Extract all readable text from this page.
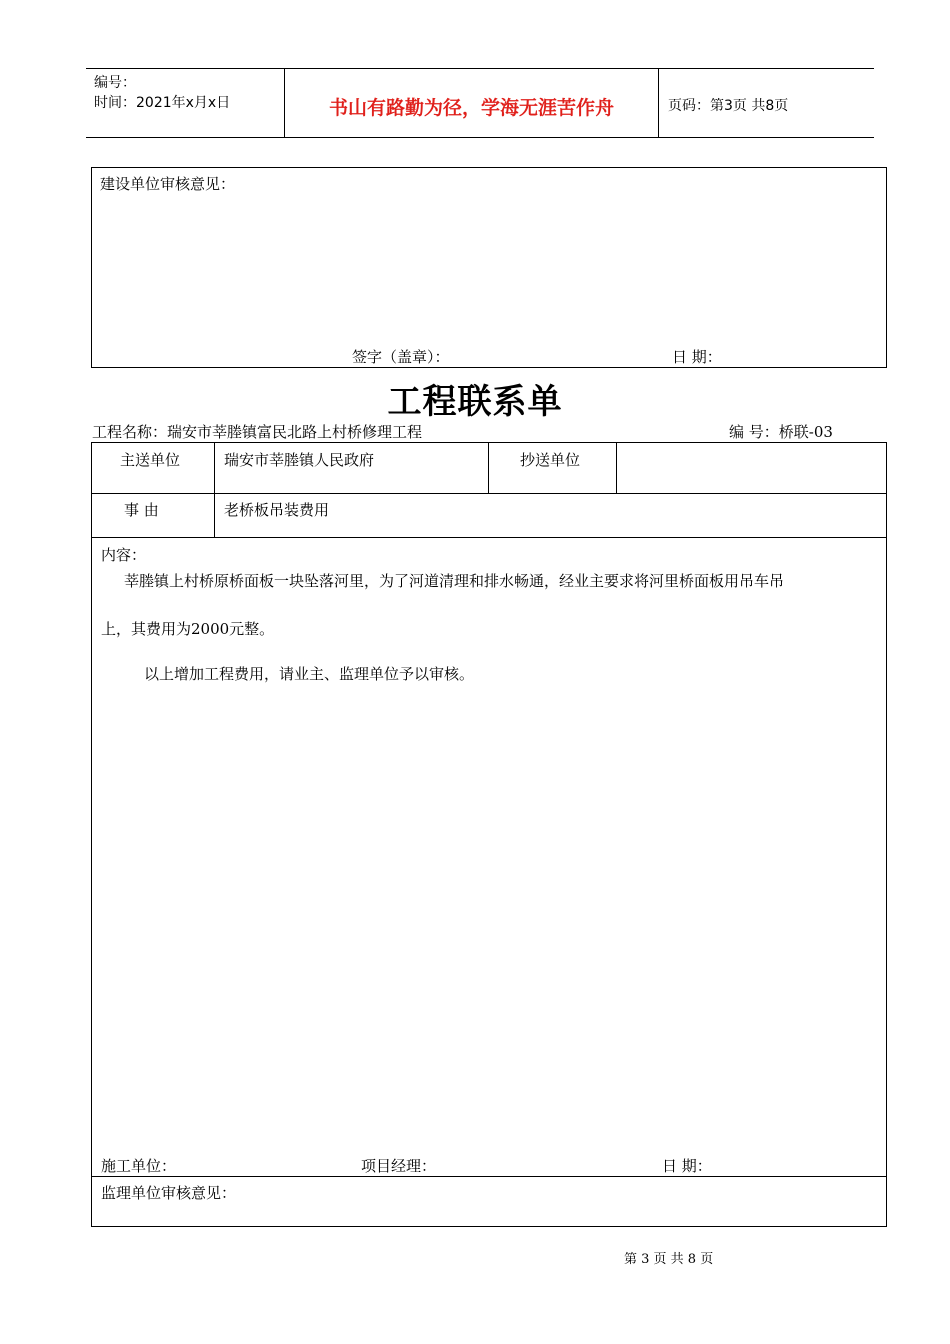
编号：
时间：2021年x月x日	书山有路勤为径，学海无涯苦作舟	页码：第3页 共8页
建设单位审核意见：
签字（盖章）：	日 期：
工程联系单
工程名称：瑞安市莘塍镇富民北路上村桥修理工程	编 号：桥联-03
主送单位	瑞安市莘塍镇人民政府	抄送单位
事 由	老桥板吊装费用
内容：
莘塍镇上村桥原桥面板一块坠落河里，为了河道清理和排水畅通，经业主要求将河里桥面板用吊车吊
上，其费用为2000元整。
以上增加工程费用，请业主、监理单位予以审核。
施工单位：	项目经理：	日 期：
监理单位审核意见：
第 3 页 共 8 页
